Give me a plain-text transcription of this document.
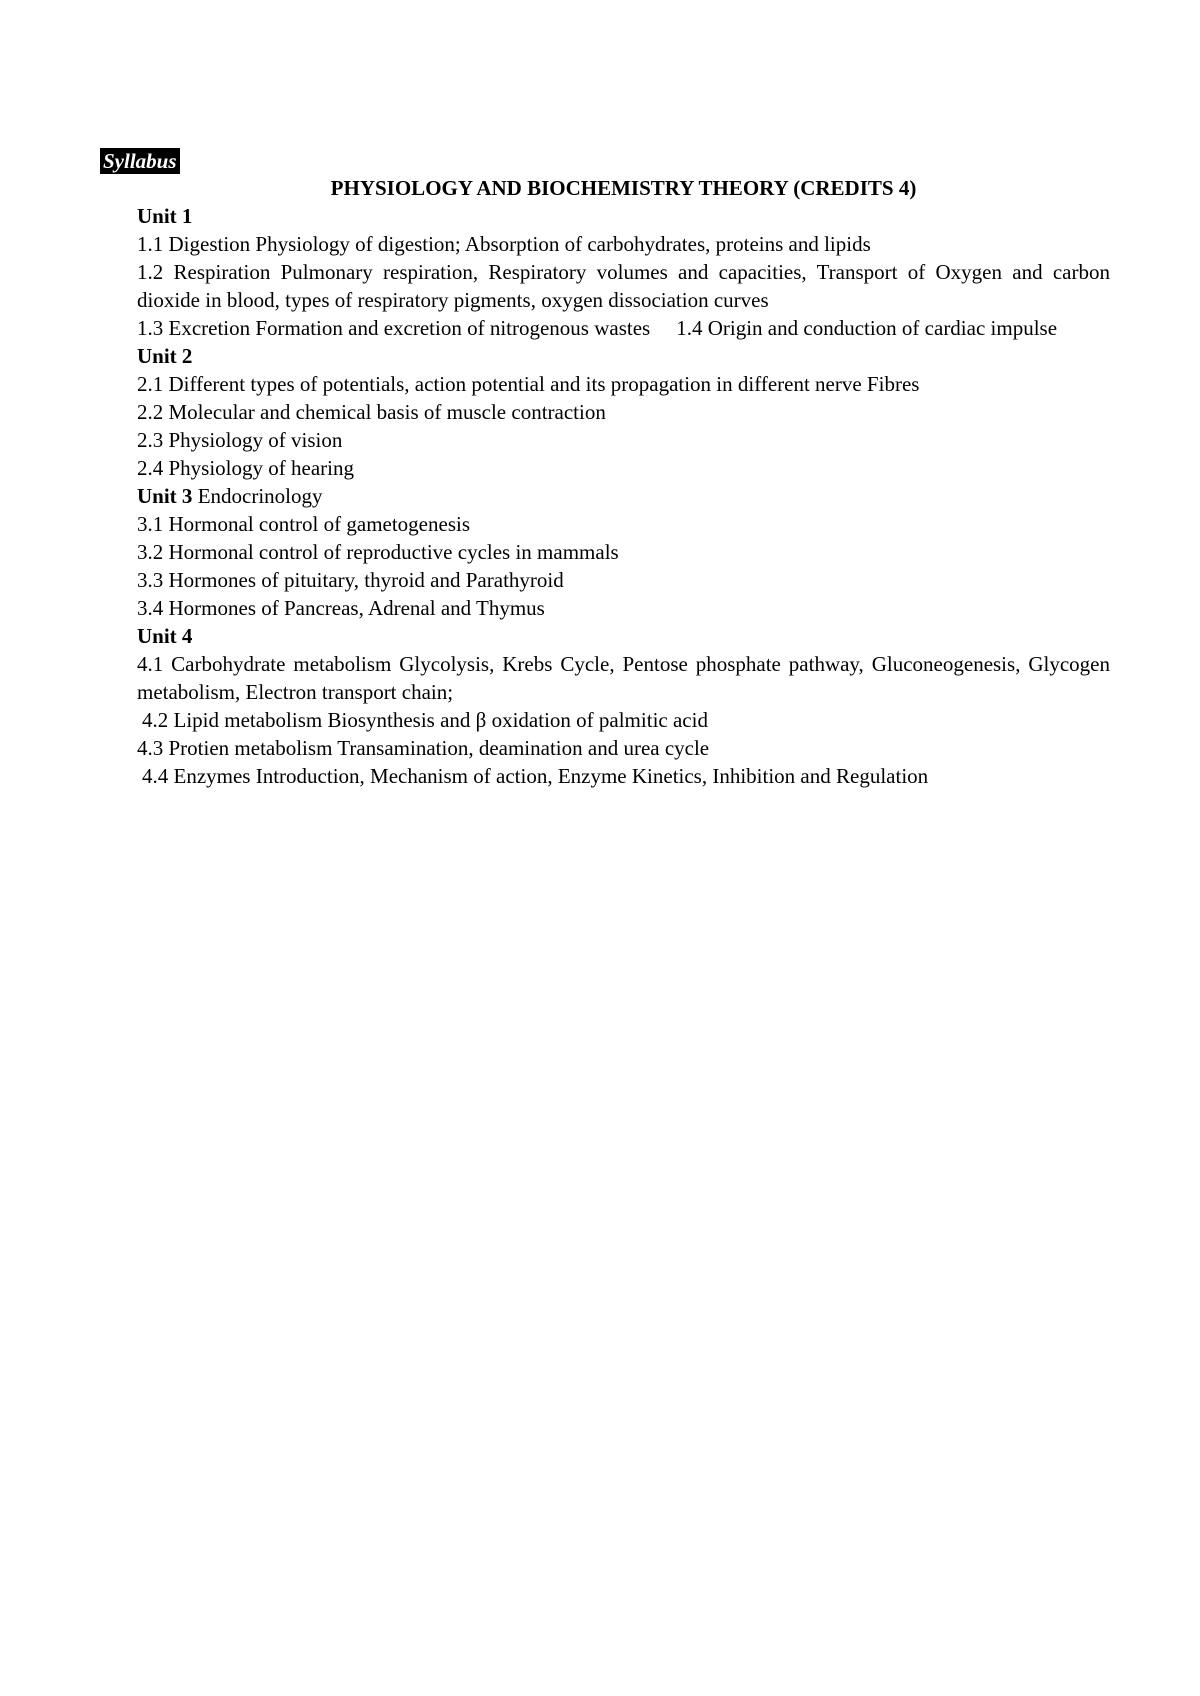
Syllabus

PHYSIOLOGY AND BIOCHEMISTRY THEORY (CREDITS 4)

Unit 1

1.1 Digestion Physiology of digestion; Absorption of carbohydrates, proteins and lipids

1.2 Respiration Pulmonary respiration, Respiratory volumes and capacities, Transport of Oxygen and carbon dioxide in blood, types of respiratory pigments, oxygen dissociation curves

1.3 Excretion Formation and excretion of nitrogenous wastes 1.4 Origin and conduction of cardiac impulse

Unit 2

2.1 Different types of potentials, action potential and its propagation in different nerve Fibres

2.2 Molecular and chemical basis of muscle contraction

2.3 Physiology of vision

2.4 Physiology of hearing

Unit 3 Endocrinology

3.1 Hormonal control of gametogenesis

3.2 Hormonal control of reproductive cycles in mammals

3.3 Hormones of pituitary, thyroid and Parathyroid

3.4 Hormones of Pancreas, Adrenal and Thymus

Unit 4

4.1 Carbohydrate metabolism Glycolysis, Krebs Cycle, Pentose phosphate pathway, Gluconeogenesis, Glycogen metabolism, Electron transport chain;

4.2 Lipid metabolism Biosynthesis and β oxidation of palmitic acid

4.3 Protien metabolism Transamination, deamination and urea cycle

4.4 Enzymes Introduction, Mechanism of action, Enzyme Kinetics, Inhibition and Regulation
